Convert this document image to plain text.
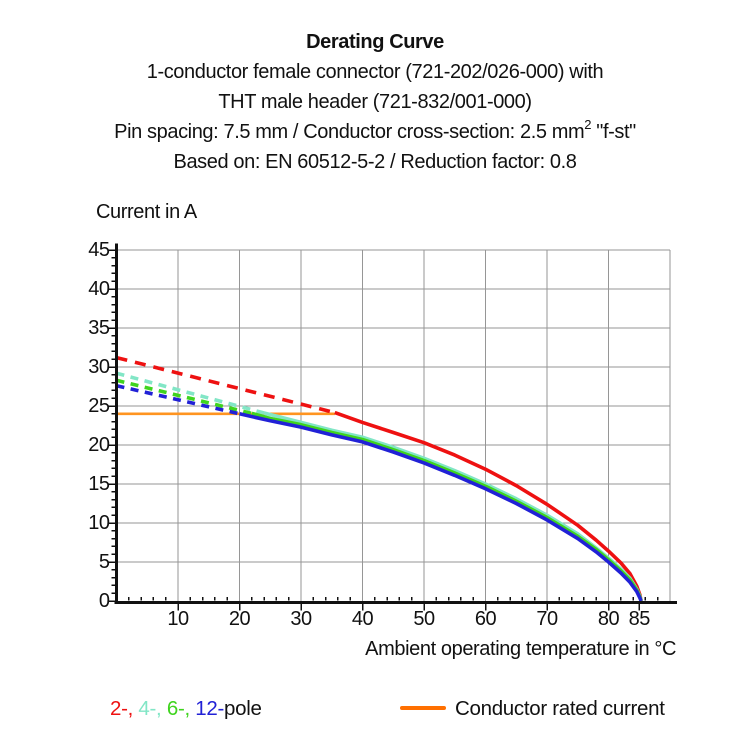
Derating Curve
1-conductor female connector (721-202/026-000) with
THT male header (721-832/001-000)
Pin spacing: 7.5 mm / Conductor cross-section: 2.5 $mm^2$ "f-st"
Based on: EN 60512-5-2 / Reduction factor: 0.8
Current in A
0
5
10
15
20
25
30
35
40
45
10	20	30	40	50	60	70	80 85
Ambient operating temperature in °C
2-, 4-, 6-, 12-pole	Conductor rated current
